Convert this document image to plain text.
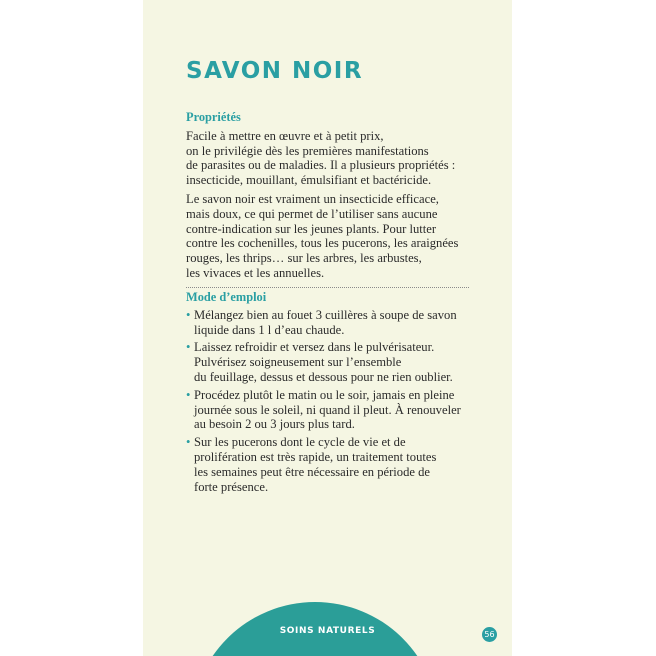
SAVON NOIR
Propriétés
Facile à mettre en œuvre et à petit prix,
on le privilégie dès les premières manifestations
de parasites ou de maladies. Il a plusieurs propriétés :
insecticide, mouillant, émulsifiant et bactéricide.
Le savon noir est vraiment un insecticide efficace,
mais doux, ce qui permet de l’utiliser sans aucune
contre-indication sur les jeunes plants. Pour lutter
contre les cochenilles, tous les pucerons, les araignées
rouges, les thrips… sur les arbres, les arbustes,
les vivaces et les annuelles.
Mode d’emploi
• Mélangez bien au fouet 3 cuillères à soupe de savon
liquide dans 1 l d’eau chaude.
• Laissez refroidir et versez dans le pulvérisateur.
Pulvérisez soigneusement sur l’ensemble
du feuillage, dessus et dessous pour ne rien oublier.
• Procédez plutôt le matin ou le soir, jamais en pleine
journée sous le soleil, ni quand il pleut. À renouveler
au besoin 2 ou 3 jours plus tard.
• Sur les pucerons dont le cycle de vie et de
prolifération est très rapide, un traitement toutes
les semaines peut être nécessaire en période de
forte présence.
SOINS NATURELS	56
